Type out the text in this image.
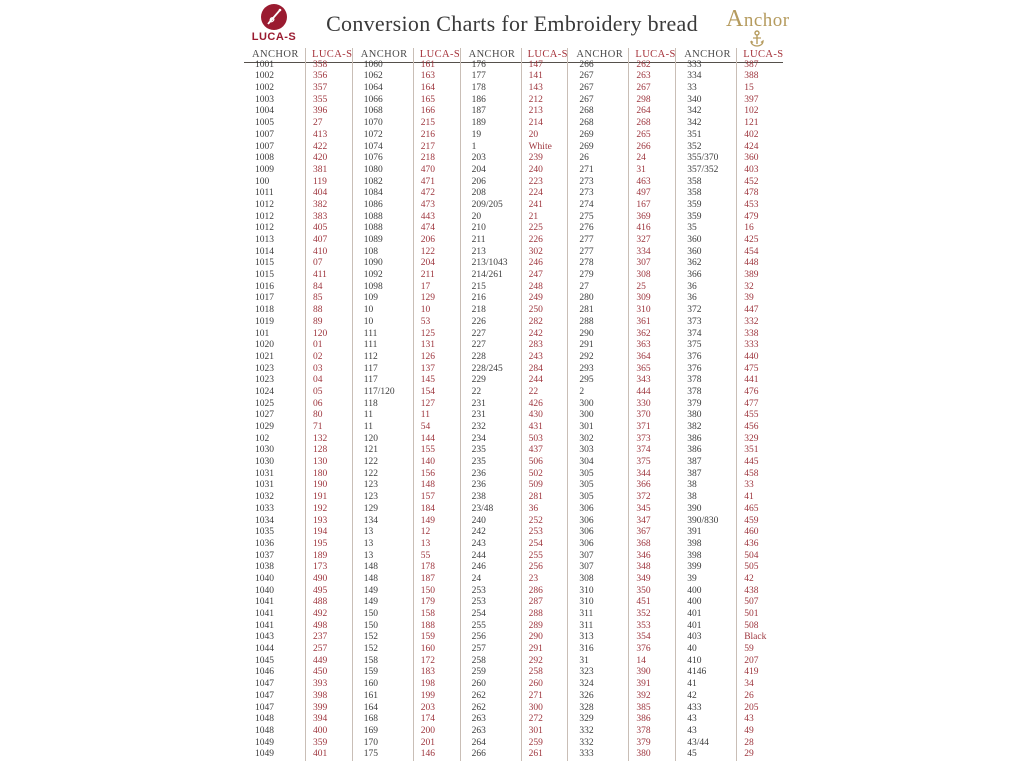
LUCA-S
Conversion Charts for Embroidery bread	Anchor
ANCHOR	LUCA-S ANCHOR	LUCA-S ANCHOR	LUCA-S ANCHOR	LUCA-S ANCHOR	LUCA-S
1001	358	1060	161	176	147	266	262	333	387
1002	356	1062	163	177	141	267	263	334	388
1002	357	1064	164	178	143	267	267	33	15
1003	355	1066	165	186	212	267	298	340	397
1004	396	1068	166	187	213	268	264	342	102
1005	27	1070	215	189	214	268	268	342	121
1007	413	1072	216	19	20	269	265	351	402
1007	422	1074	217	1	White	269	266	352	424
1008	420	1076	218	203	239	26	24	355/370	360
1009	381	1080	470	204	240	271	31	357/352	403
100	119	1082	471	206	223	273	463	358	452
1011	404	1084	472	208	224	273	497	358	478
1012	382	1086	473	209/205	241	274	167	359	453
1012	383	1088	443	20	21	275	369	359	479
1012	405	1088	474	210	225	276	416	35	16
1013	407	1089	206	211	226	277	327	360	425
1014	410	108	122	213	302	277	334	360	454
1015	07	1090	204	213/1043	246	278	307	362	448
1015	411	1092	211	214/261	247	279	308	366	389
1016	84	1098	17	215	248	27	25	36	32
1017	85	109	129	216	249	280	309	36	39
1018	88	10	10	218	250	281	310	372	447
1019	89	10	53	226	282	288	361	373	332
101	120	111	125	227	242	290	362	374	338
1020	01	111	131	227	283	291	363	375	333
1021	02	112	126	228	243	292	364	376	440
1023	03	117	137	228/245	284	293	365	376	475
1023	04	117	145	229	244	295	343	378	441
1024	05	117/120	154	22	22	2	444	378	476
1025	06	118	127	231	426	300	330	379	477
1027	80	11	11	231	430	300	370	380	455
1029	71	11	54	232	431	301	371	382	456
102	132	120	144	234	503	302	373	386	329
1030	128	121	155	235	437	303	374	386	351
1030	130	122	140	235	506	304	375	387	445
1031	180	122	156	236	502	305	344	387	458
1031	190	123	148	236	509	305	366	38	33
1032	191	123	157	238	281	305	372	38	41
1033	192	129	184	23/48	36	306	345	390	465
1034	193	134	149	240	252	306	347	390/830	459
1035	194	13	12	242	253	306	367	391	460
1036	195	13	13	243	254	306	368	398	436
1037	189	13	55	244	255	307	346	398	504
1038	173	148	178	246	256	307	348	399	505
1040	490	148	187	24	23	308	349	39	42
1040	495	149	150	253	286	310	350	400	438
1041	488	149	179	253	287	310	451	400	507
1041	492	150	158	254	288	311	352	401	501
1041	498	150	188	255	289	311	353	401	508
1043	237	152	159	256	290	313	354	403	Black
1044	257	152	160	257	291	316	376	40	59
1045	449	158	172	258	292	31	14	410	207
1046	450	159	183	259	258	323	390	4146	419
1047	393	160	198	260	260	324	391	41	34
1047	398	161	199	262	271	326	392	42	26
1047	399	164	203	262	300	328	385	433	205
1048	394	168	174	263	272	329	386	43	43
1048	400	169	200	263	301	332	378	43	49
1049	359	170	201	264	259	332	379	43/44	28
1049	401	175	146	266	261	333	380	45	29
